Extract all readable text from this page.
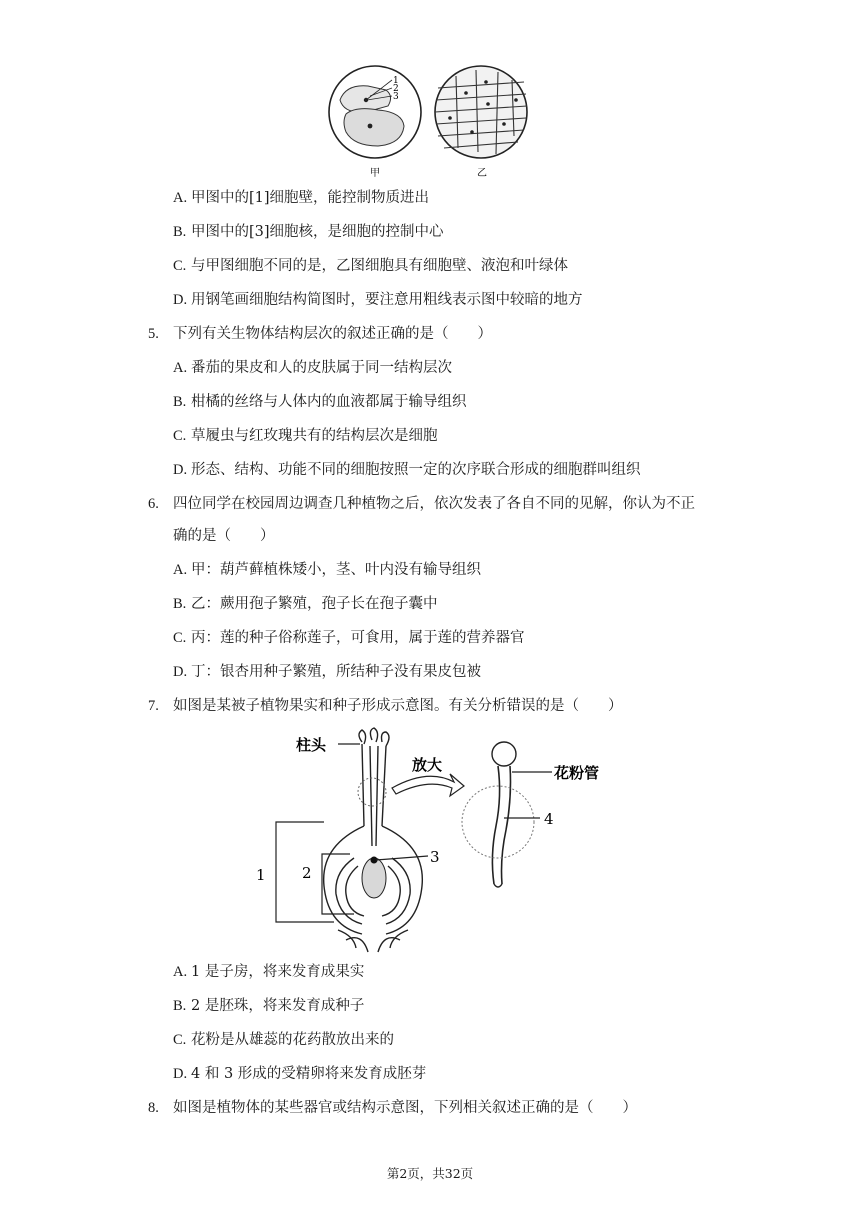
1
2
3
甲	乙
A. 甲图中的[1]细胞壁，能控制物质进出
B. 甲图中的[3]细胞核，是细胞的控制中心
C. 与甲图细胞不同的是，乙图细胞具有细胞壁、液泡和叶绿体
D. 用钢笔画细胞结构简图时，要注意用粗线表示图中较暗的地方
5. 下列有关生物体结构层次的叙述正确的是（　　）
A. 番茄的果皮和人的皮肤属于同一结构层次
B. 柑橘的丝络与人体内的血液都属于输导组织
C. 草履虫与红玫瑰共有的结构层次是细胞
D. 形态、结构、功能不同的细胞按照一定的次序联合形成的细胞群叫组织
6. 四位同学在校园周边调查几种植物之后，依次发表了各自不同的见解，你认为不正
确的是（　　）
A. 甲：葫芦藓植株矮小，茎、叶内没有输导组织
B. 乙：蕨用孢子繁殖，孢子长在孢子囊中
C. 丙：莲的种子俗称莲子，可食用，属于莲的营养器官
D. 丁：银杏用种子繁殖，所结种子没有果皮包被
7. 如图是某被子植物果实和种子形成示意图。有关分析错误的是（　　）
柱头
放大	花粉管
1 2
3
4
A. 1 是子房，将来发育成果实
B. 2 是胚珠，将来发育成种子
C. 花粉是从雄蕊的花药散放出来的
D. 4 和 3 形成的受精卵将来发育成胚芽
8. 如图是植物体的某些器官或结构示意图，下列相关叙述正确的是（　　）
第2页，共32页
